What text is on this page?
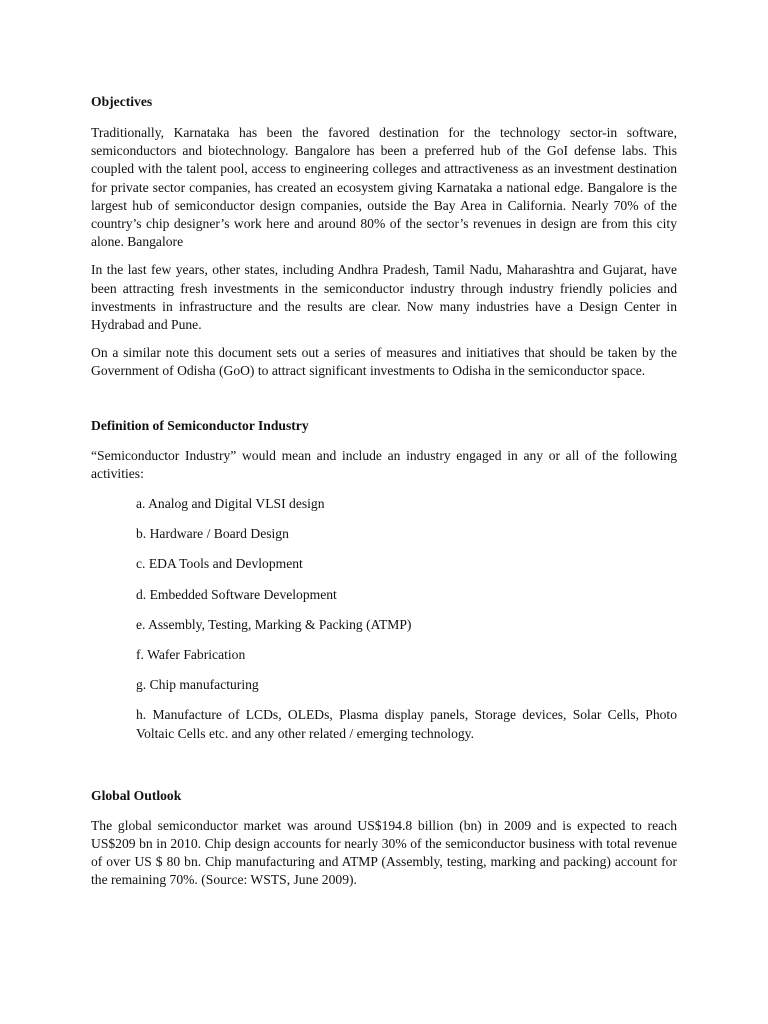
Objectives

Traditionally, Karnataka has been the favored destination for the technology sector-in software, semiconductors and biotechnology. Bangalore has been a preferred hub of the GoI defense labs. This coupled with the talent pool, access to engineering colleges and attractiveness as an investment destination for private sector companies, has created an ecosystem giving Karnataka a national edge. Bangalore is the largest hub of semiconductor design companies, outside the Bay Area in California. Nearly 70% of the country’s chip designer’s work here and around 80% of the sector’s revenues in design are from this city alone. Bangalore

In the last few years, other states, including Andhra Pradesh, Tamil Nadu, Maharashtra and Gujarat, have been attracting fresh investments in the semiconductor industry through industry friendly policies and investments in infrastructure and the results are clear. Now many industries have a Design Center in Hydrabad and Pune.

On a similar note this document sets out a series of measures and initiatives that should be taken by the Government of Odisha (GoO) to attract significant investments to Odisha in the semiconductor space.

Definition of Semiconductor Industry

“Semiconductor Industry” would mean and include an industry engaged in any or all of the following activities:

a. Analog and Digital VLSI design

b. Hardware / Board Design

c. EDA Tools and Devlopment

d. Embedded Software Development

e. Assembly, Testing, Marking & Packing (ATMP)

f. Wafer Fabrication

g. Chip manufacturing

h. Manufacture of LCDs, OLEDs, Plasma display panels, Storage devices, Solar Cells, Photo Voltaic Cells etc. and any other related / emerging technology.

Global Outlook

The global semiconductor market was around US$194.8 billion (bn) in 2009 and is expected to reach US$209 bn in 2010. Chip design accounts for nearly 30% of the semiconductor business with total revenue of over US $ 80 bn. Chip manufacturing and ATMP (Assembly, testing, marking and packing) account for the remaining 70%. (Source: WSTS, June 2009).
